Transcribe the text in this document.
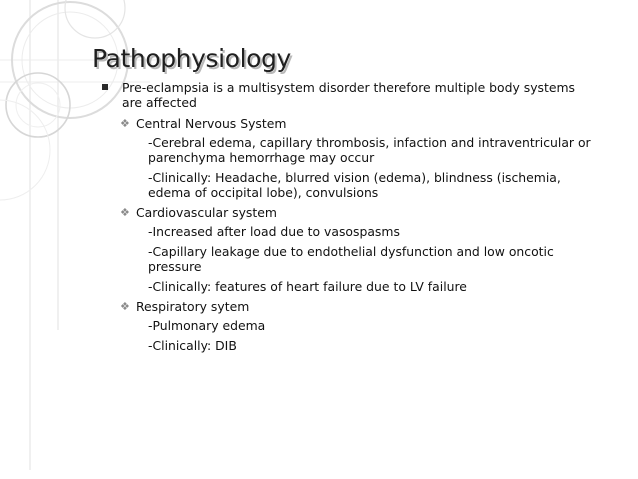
Pathophysiology

Pre-eclampsia is a multisystem disorder therefore multiple body systems
are affected

❖ Central Nervous System

-Cerebral edema, capillary thrombosis, infaction and intraventricular or
parenchyma hemorrhage may occur

-Clinically: Headache, blurred vision (edema), blindness (ischemia,
edema of occipital lobe), convulsions

❖ Cardiovascular system

-Increased after load due to vasospasms

-Capillary leakage due to endothelial dysfunction and low oncotic
pressure

-Clinically: features of heart failure due to LV failure

❖ Respiratory sytem

-Pulmonary edema

-Clinically: DIB
